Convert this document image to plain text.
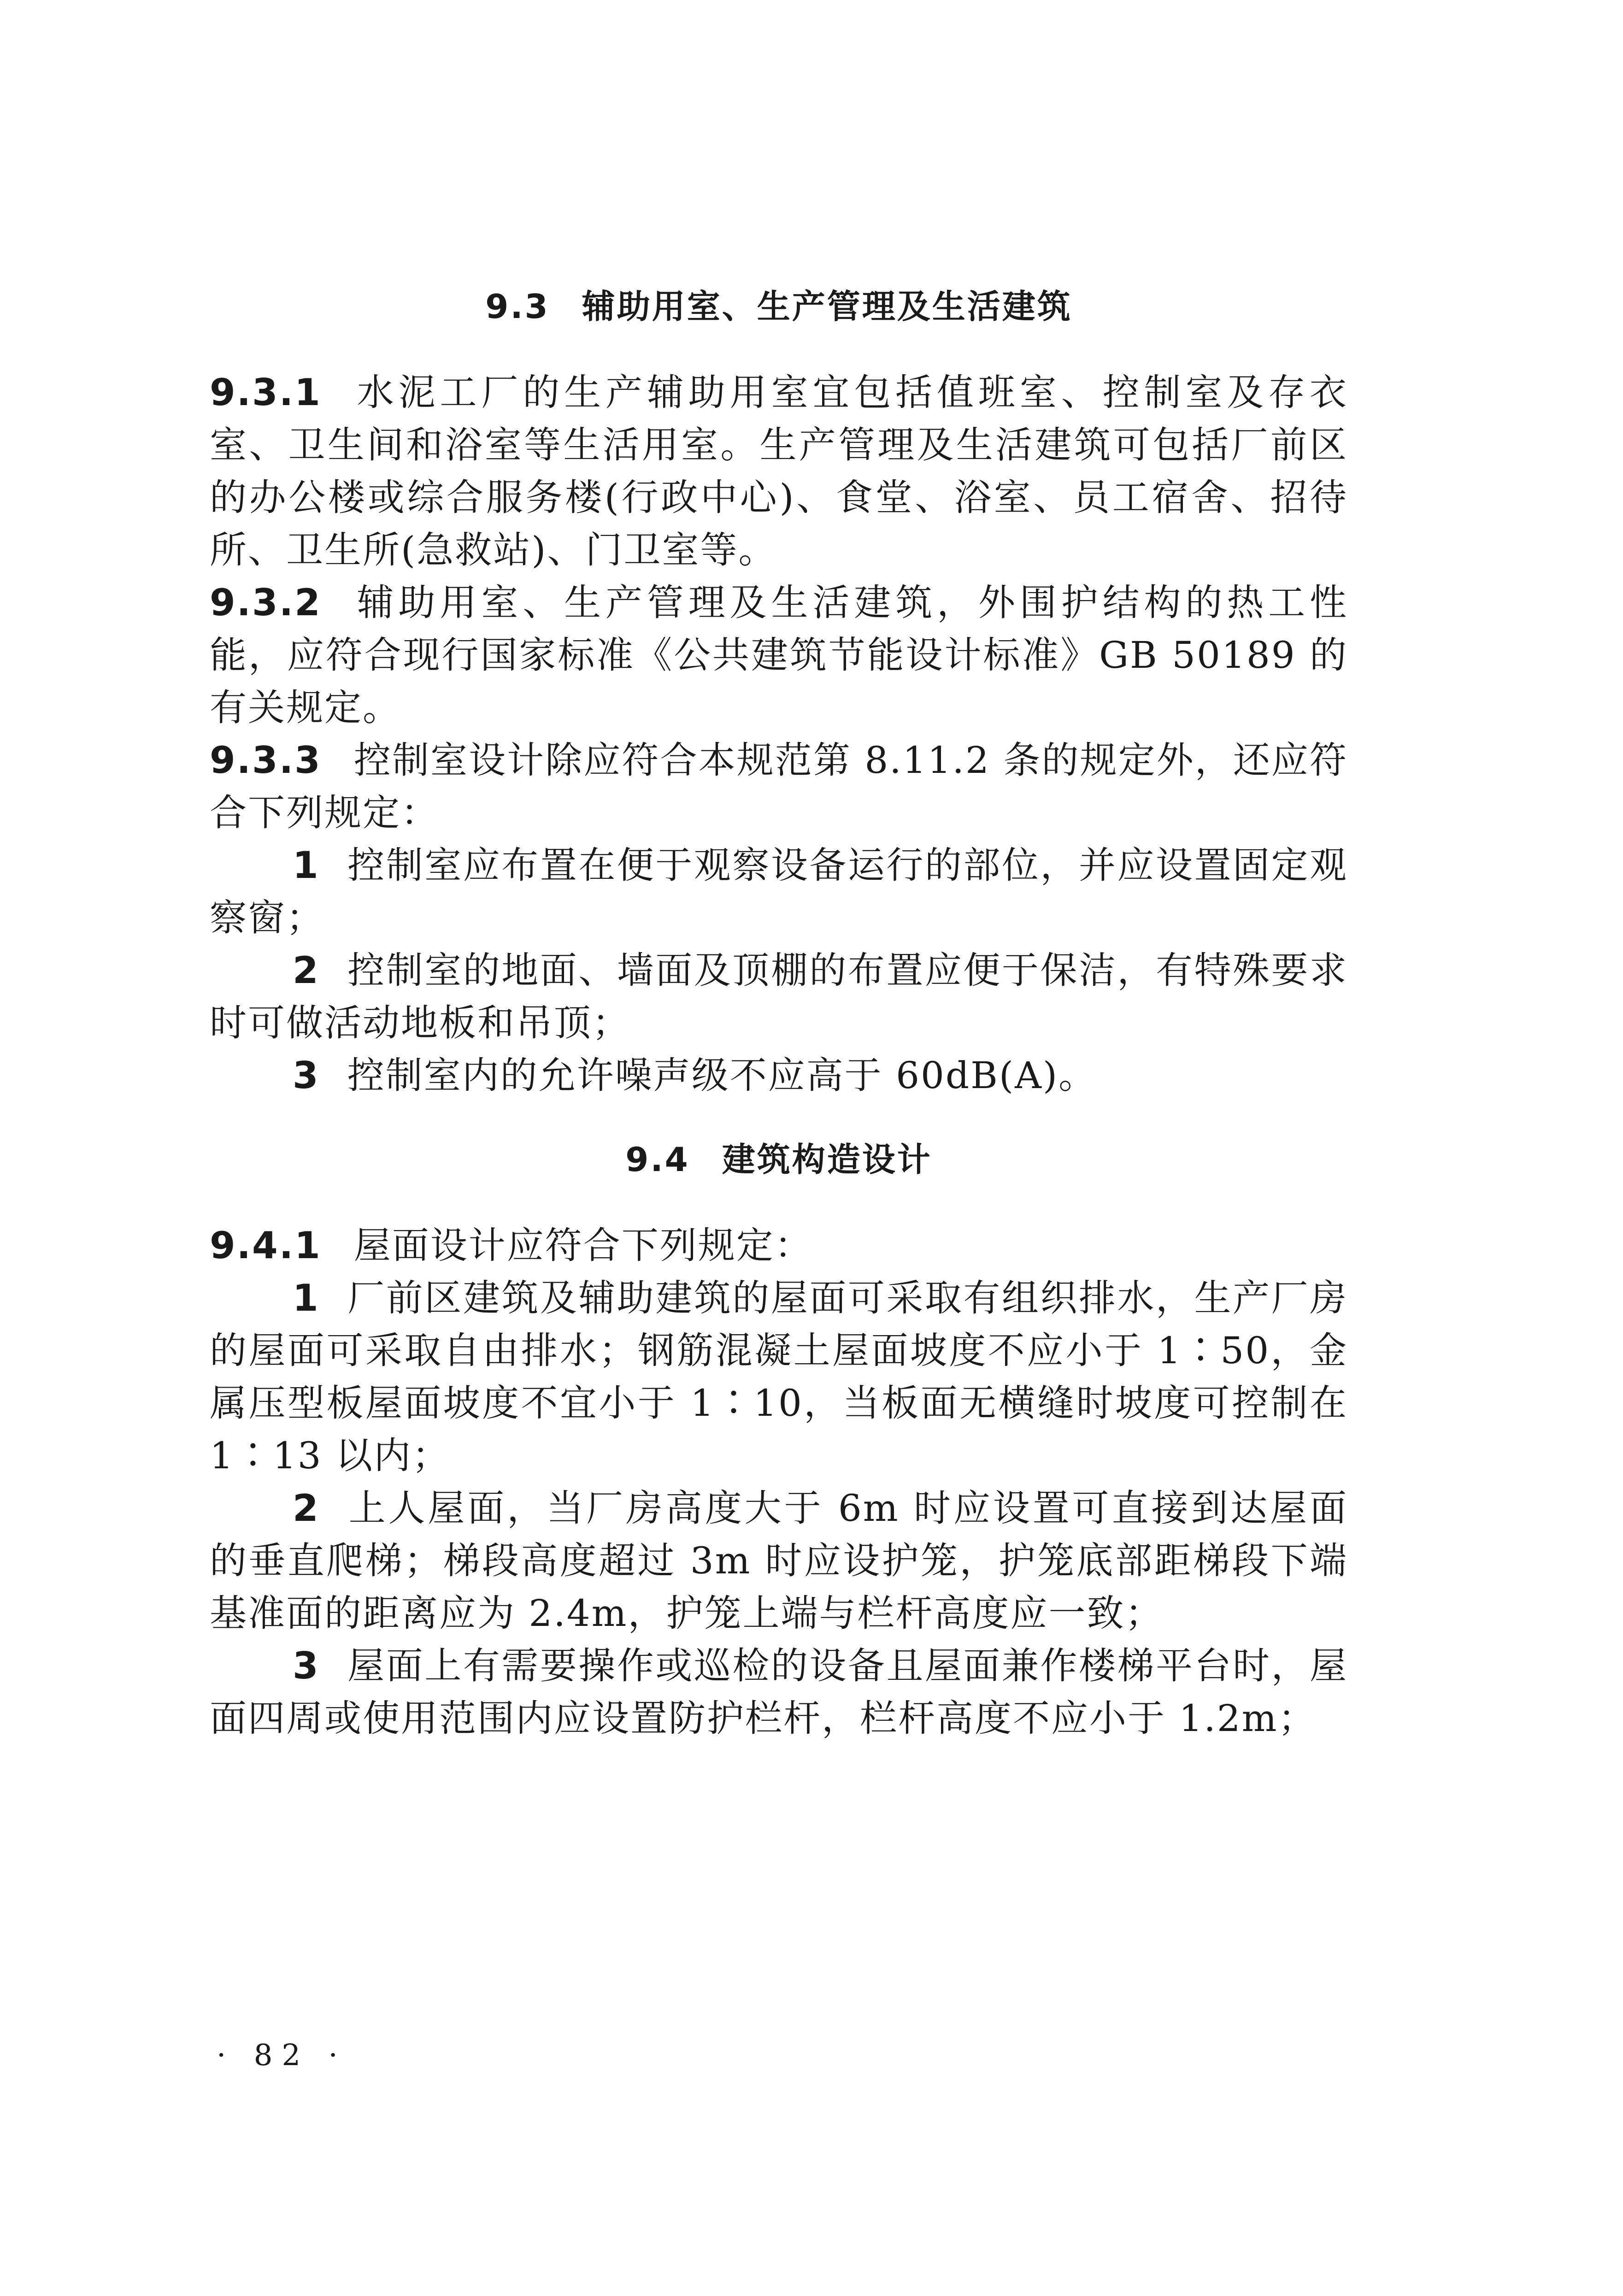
9.3 辅助用室、生产管理及生活建筑

9.3.1 水泥工厂的生产辅助用室宜包括值班室、控制室及存衣室、卫生间和浴室等生活用室。生产管理及生活建筑可包括厂前区的办公楼或综合服务楼(行政中心)、食堂、浴室、员工宿舍、招待所、卫生所(急救站)、门卫室等。

9.3.2 辅助用室、生产管理及生活建筑，外围护结构的热工性能，应符合现行国家标准《公共建筑节能设计标准》GB 50189 的有关规定。

9.3.3 控制室设计除应符合本规范第 8.11.2 条的规定外，还应符合下列规定：

1 控制室应布置在便于观察设备运行的部位，并应设置固定观察窗；

2 控制室的地面、墙面及顶棚的布置应便于保洁，有特殊要求时可做活动地板和吊顶；

3 控制室内的允许噪声级不应高于 60dB(A)。

9.4 建筑构造设计

9.4.1 屋面设计应符合下列规定：

1 厂前区建筑及辅助建筑的屋面可采取有组织排水，生产厂房的屋面可采取自由排水；钢筋混凝土屋面坡度不应小于 1∶50，金属压型板屋面坡度不宜小于 1∶10，当板面无横缝时坡度可控制在 1∶13 以内；

2 上人屋面，当厂房高度大于 6m 时应设置可直接到达屋面的垂直爬梯；梯段高度超过 3m 时应设护笼，护笼底部距梯段下端基准面的距离应为 2.4m，护笼上端与栏杆高度应一致；

3 屋面上有需要操作或巡检的设备且屋面兼作楼梯平台时，屋面四周或使用范围内应设置防护栏杆，栏杆高度不应小于 1.2m；

· 82 ·
